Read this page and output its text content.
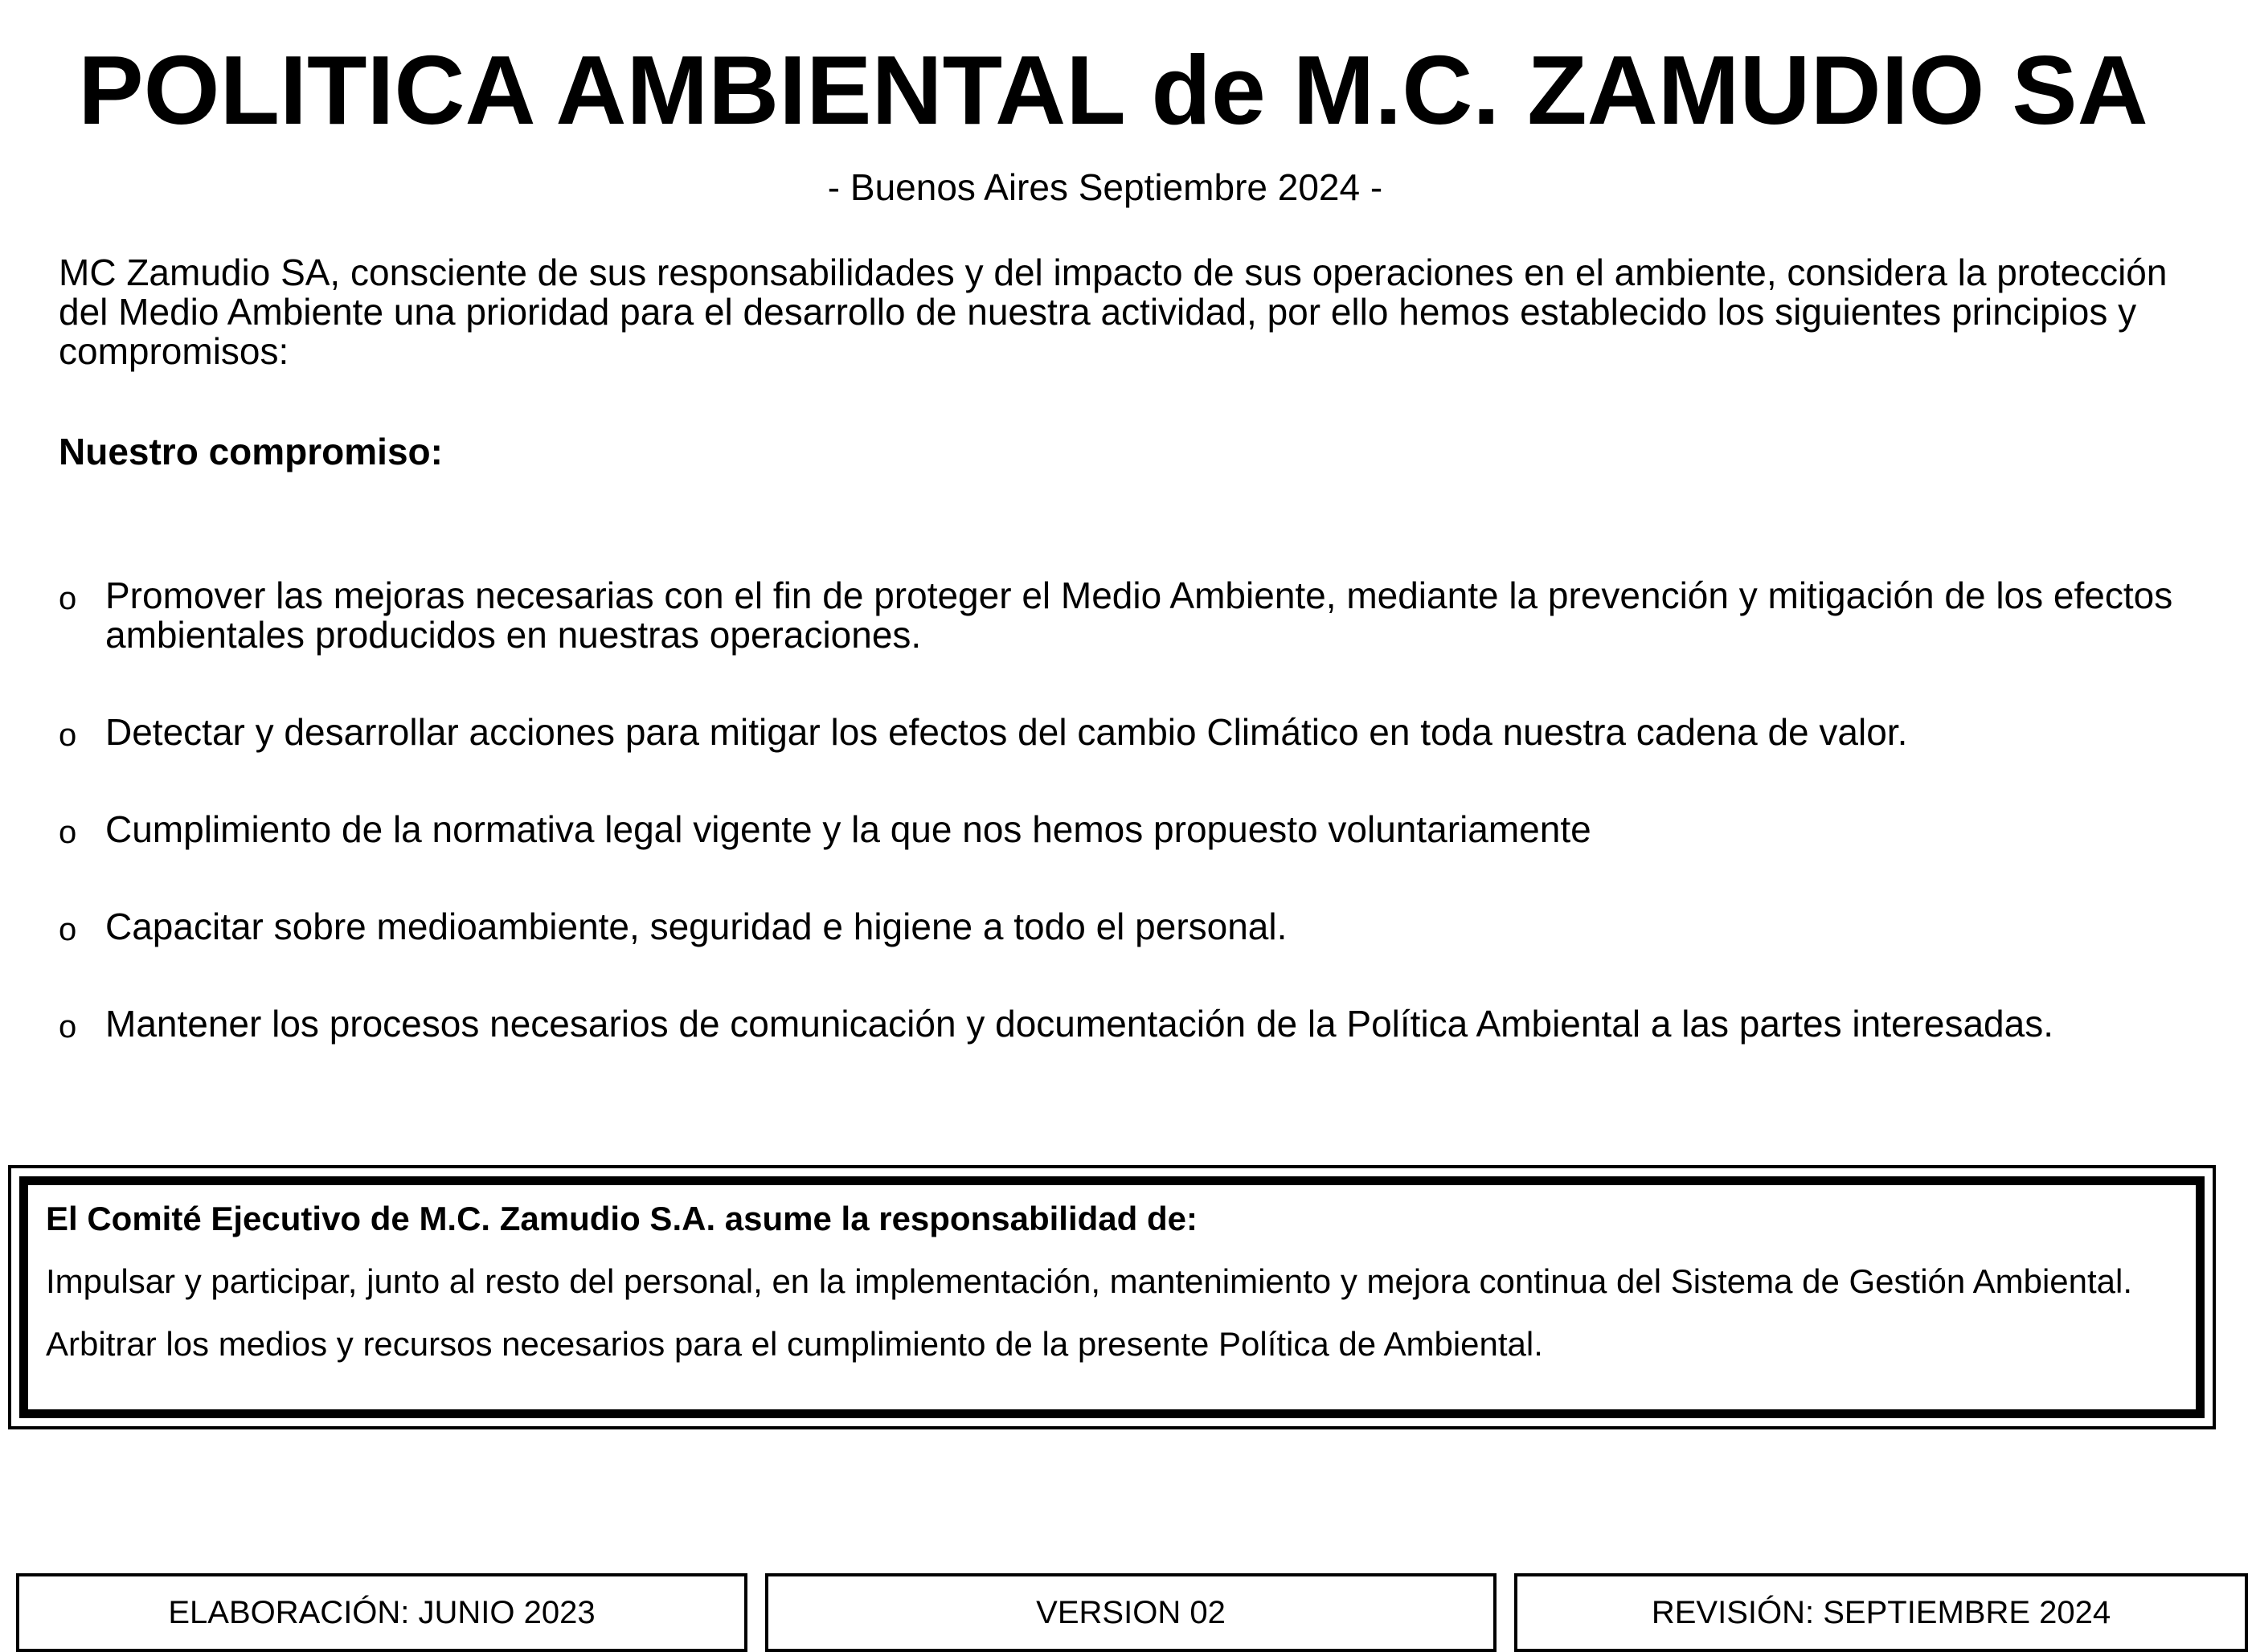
POLITICA AMBIENTAL de M.C. ZAMUDIO SA
- Buenos Aires Septiembre 2024 -

MC Zamudio SA, consciente de sus responsabilidades y del impacto de sus operaciones en el ambiente, considera la protección del Medio Ambiente una prioridad para el desarrollo de nuestra actividad, por ello hemos establecido los siguientes principios y compromisos:

Nuestro compromiso:
o Promover las mejoras necesarias con el fin de proteger el Medio Ambiente, mediante la prevención y mitigación de los efectos ambientales producidos en nuestras operaciones.
o Detectar y desarrollar acciones para mitigar los efectos del cambio Climático en toda nuestra cadena de valor.
o Cumplimiento de la normativa legal vigente y la que nos hemos propuesto voluntariamente
o Capacitar sobre medioambiente, seguridad e higiene a todo el personal.
o Mantener los procesos necesarios de comunicación y documentación de la Política Ambiental a las partes interesadas.

El Comité Ejecutivo de M.C. Zamudio S.A. asume la responsabilidad de:

Impulsar y participar, junto al resto del personal, en la implementación, mantenimiento y mejora continua del Sistema de Gestión Ambiental.

Arbitrar los medios y recursos necesarios para el cumplimiento de la presente Política de Ambiental.

ELABORACIÓN: JUNIO 2023	VERSION 02	REVISIÓN: SEPTIEMBRE 2024
